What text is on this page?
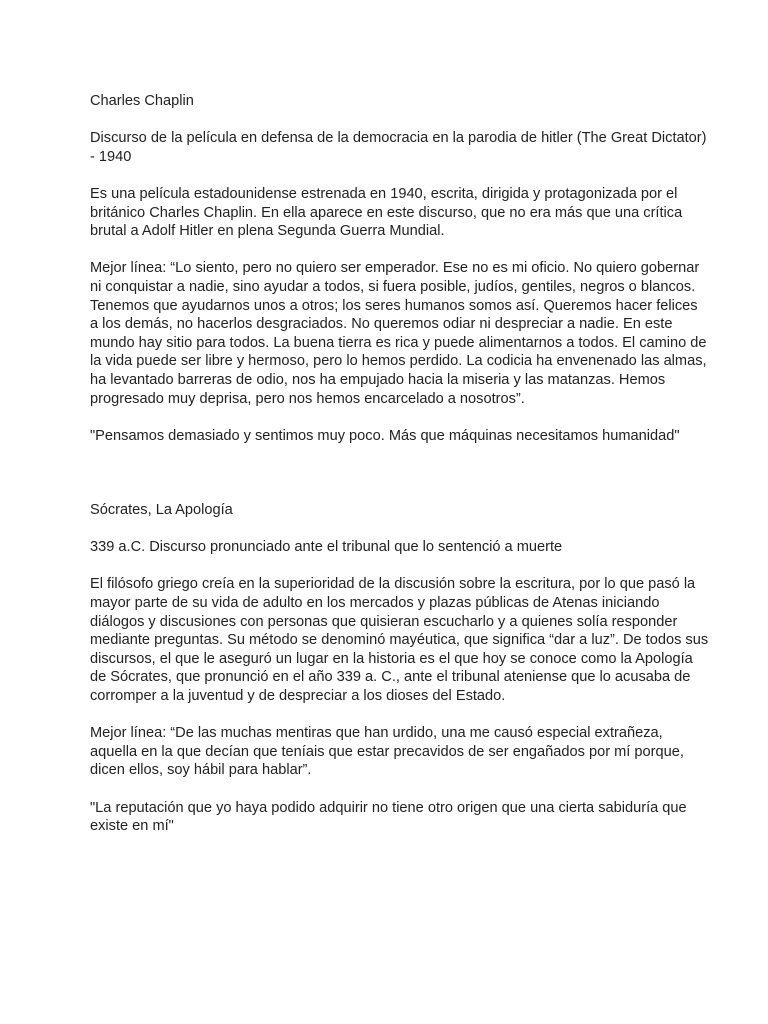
Charles Chaplin

Discurso de la película en defensa de la democracia en la parodia de hitler (The Great Dictator)
- 1940

Es una película estadounidense estrenada en 1940, escrita, dirigida y protagonizada por el
británico Charles Chaplin. En ella aparece en este discurso, que no era más que una crítica
brutal a Adolf Hitler en plena Segunda Guerra Mundial.

Mejor línea: “Lo siento, pero no quiero ser emperador. Ese no es mi oficio. No quiero gobernar
ni conquistar a nadie, sino ayudar a todos, si fuera posible, judíos, gentiles, negros o blancos.
Tenemos que ayudarnos unos a otros; los seres humanos somos así. Queremos hacer felices
a los demás, no hacerlos desgraciados. No queremos odiar ni despreciar a nadie. En este
mundo hay sitio para todos. La buena tierra es rica y puede alimentarnos a todos. El camino de
la vida puede ser libre y hermoso, pero lo hemos perdido. La codicia ha envenenado las almas,
ha levantado barreras de odio, nos ha empujado hacia la miseria y las matanzas. Hemos
progresado muy deprisa, pero nos hemos encarcelado a nosotros”.

"Pensamos demasiado y sentimos muy poco. Más que máquinas necesitamos humanidad"

Sócrates, La Apología

339 a.C. Discurso pronunciado ante el tribunal que lo sentenció a muerte

El filósofo griego creía en la superioridad de la discusión sobre la escritura, por lo que pasó la
mayor parte de su vida de adulto en los mercados y plazas públicas de Atenas iniciando
diálogos y discusiones con personas que quisieran escucharlo y a quienes solía responder
mediante preguntas. Su método se denominó mayéutica, que significa “dar a luz”. De todos sus
discursos, el que le aseguró un lugar en la historia es el que hoy se conoce como la Apología
de Sócrates, que pronunció en el año 339 a. C., ante el tribunal ateniense que lo acusaba de
corromper a la juventud y de despreciar a los dioses del Estado.

Mejor línea: “De las muchas mentiras que han urdido, una me causó especial extrañeza,
aquella en la que decían que teníais que estar precavidos de ser engañados por mí porque,
dicen ellos, soy hábil para hablar”.

"La reputación que yo haya podido adquirir no tiene otro origen que una cierta sabiduría que
existe en mí"
